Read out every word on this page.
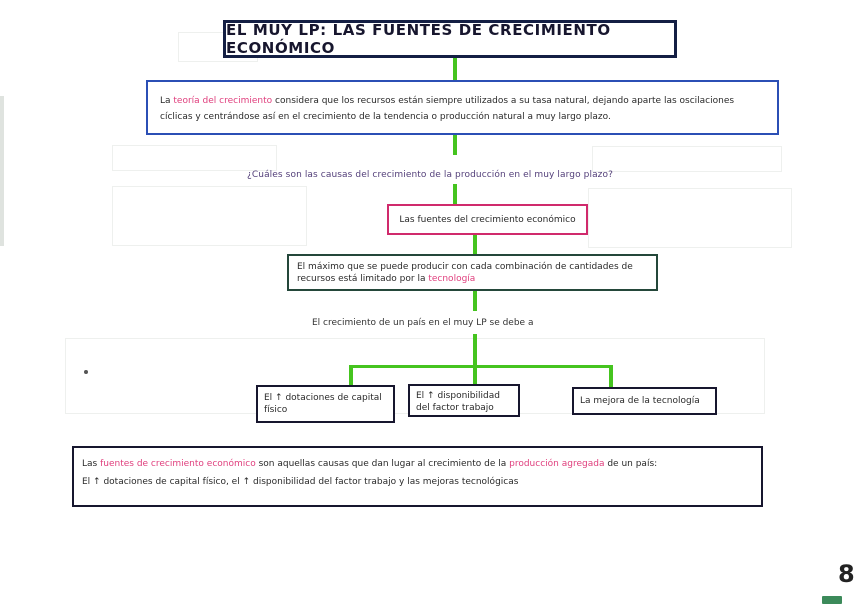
EL MUY LP: LAS FUENTES DE CRECIMIENTO ECONÓMICO
La teoría del crecimiento considera que los recursos están siempre utilizados a su tasa natural, dejando aparte las oscilaciones cíclicas y centrándose así en el crecimiento de la tendencia o producción natural a muy largo plazo.
¿Cuáles son las causas del crecimiento de la producción en el muy largo plazo?
Las fuentes del crecimiento económico
El máximo que se puede producir con cada combinación de cantidades de recursos está limitado por la tecnología
El crecimiento de un país en el muy LP se debe a
El ↑ dotaciones de capital físico
El ↑ disponibilidad del factor trabajo
La mejora de la tecnología
Las fuentes de crecimiento económico son aquellas causas que dan lugar al crecimiento de la producción agregada de un país:
El ↑ dotaciones de capital físico, el ↑ disponibilidad del factor trabajo y las mejoras tecnológicas
8
